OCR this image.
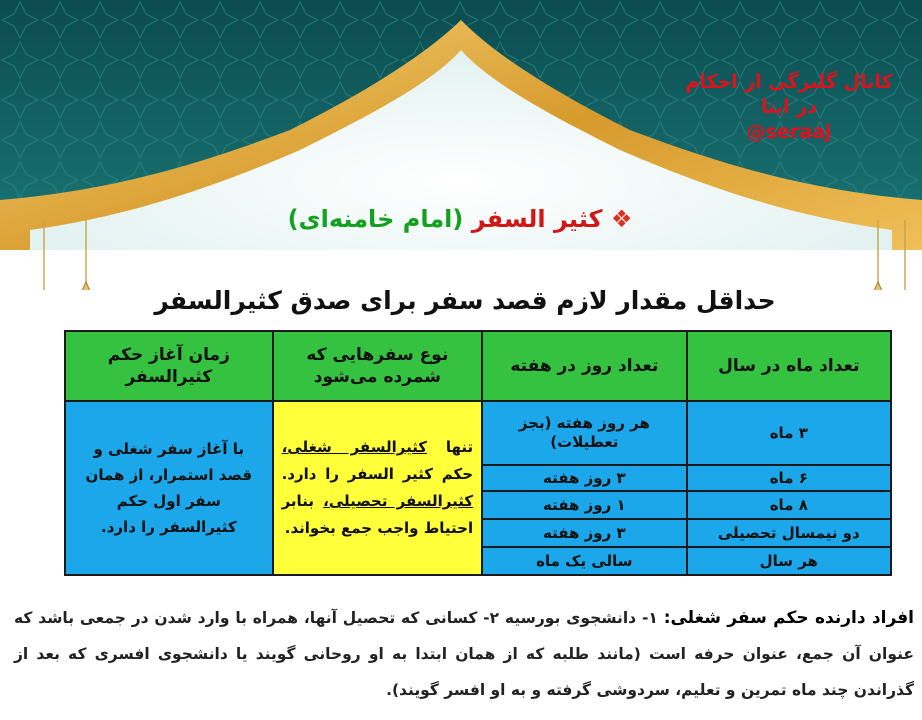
کانال گلبرگی از احکام
در ایتا
@seraaj
❖ کثیر السفر (امام خامنه‌ای)
حداقل مقدار لازم قصد سفر برای صدق کثیرالسفر
تعداد ماه در سال	تعداد روز در هفته	نوع سفرهایی که شمرده می‌شود	زمان آغاز حکم کثیرالسفر
۳ ماه	هر روز هفته (بجز تعطیلات)	تنها کثیرالسفر شغلی، حکم کثیر السفر را دارد. کثیرالسفر تحصیلی، بنابر احتیاط واجب جمع بخواند.	با آغاز سفر شغلی و قصد استمرار، از همان سفر اول حکم کثیرالسفر را دارد.
۶ ماه	۳ روز هفته		
۸ ماه	۱ روز هفته		
دو نیمسال تحصیلی	۳ روز هفته		
هر سال	سالی یک ماه		
افراد دارنده حکم سفر شغلی: ۱- دانشجوی بورسیه ۲- کسانی که تحصیل آنها، همراه با وارد شدن در جمعی باشد که عنوان آن جمع، عنوان حرفه است (مانند طلبه که از همان ابتدا به او روحانی گویند یا دانشجوی افسری که بعد از گذراندن چند ماه تمرین و تعلیم، سردوشی گرفته و به او افسر گویند).
